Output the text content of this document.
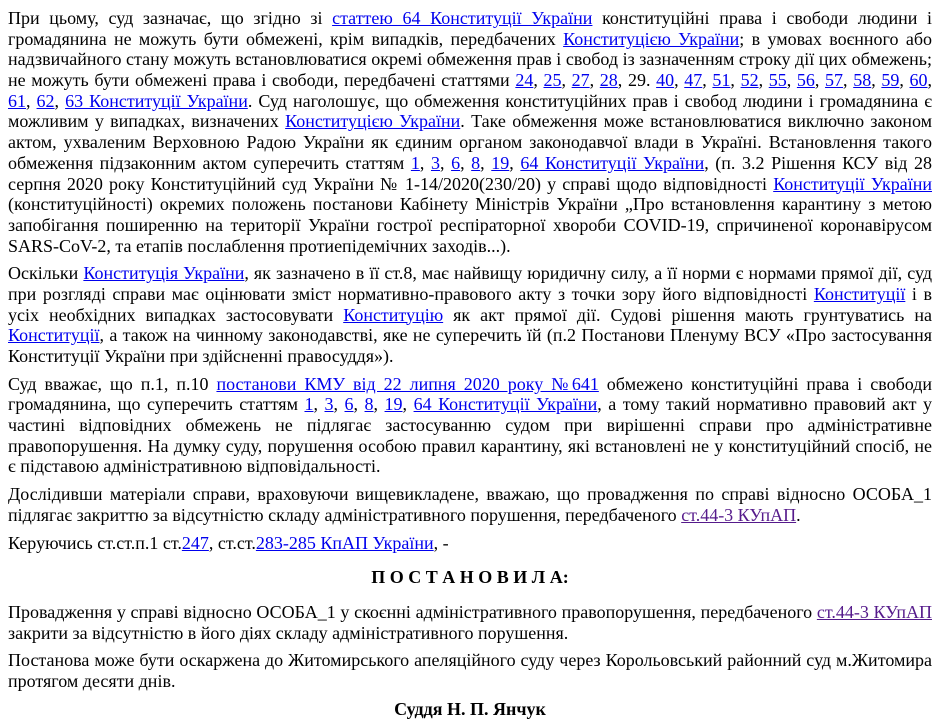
При цьому, суд зазначає, що згідно зі статтею 64 Конституції України конституційні права і свободи людини і громадянина не можуть бути обмежені, крім випадків, передбачених Конституцією України; в умовах воєнного або надзвичайного стану можуть встановлюватися окремі обмеження прав і свобод із зазначенням строку дії цих обмежень; не можуть бути обмежені права і свободи, передбачені статтями 24, 25, 27, 28, 29. 40, 47, 51, 52, 55, 56, 57, 58, 59, 60, 61, 62, 63 Конституції України. Суд наголошує, що обмеження конституційних прав і свобод людини і громадянина є можливим у випадках, визначених Конституцією України. Таке обмеження може встановлюватися виключно законом актом, ухваленим Верховною Радою України як єдиним органом законодавчої влади в Україні. Встановлення такого обмеження підзаконним актом суперечить статтям 1, 3, 6, 8, 19, 64 Конституції України, (п. 3.2 Рішення КСУ від 28 серпня 2020 року Конституційний суд України № 1-14/2020(230/20) у справі щодо відповідності Конституції України (конституційності) окремих положень постанови Кабінету Міністрів України „Про встановлення карантину з метою запобігання поширенню на території України гострої респіраторної хвороби COVID-19, спричиненої коронавірусом SARS-CoV-2, та етапів послаблення протиепідемічних заходів...).

Оскільки Конституція України, як зазначено в її ст.8, має найвищу юридичну силу, а її норми є нормами прямої дії, суд при розгляді справи має оцінювати зміст нормативно-правового акту з точки зору його відповідності Конституції і в усіх необхідних випадках застосовувати Конституцію як акт прямої дії. Судові рішення мають грунтуватись на Конституції, а також на чинному законодавстві, яке не суперечить їй (п.2 Постанови Пленуму ВСУ «Про застосування Конституції України при здійсненні правосуддя»).

Суд вважає, що п.1, п.10 постанови КМУ від 22 липня 2020 року №641 обмежено конституційні права і свободи громадянина, що суперечить статтям 1, 3, 6, 8, 19, 64 Конституції України, а тому такий нормативно правовий акт у частині відповідних обмежень не підлягає застосуванню судом при вирішенні справи про адміністративне правопорушення. На думку суду, порушення особою правил карантину, які встановлені не у конституційний спосіб, не є підставою адміністративною відповідальності.

Дослідивши матеріали справи, враховуючи вищевикладене, вважаю, що провадження по справі відносно ОСОБА_1 підлягає закриттю за відсутністю складу адміністративного порушення, передбаченого ст.44-3 КУпАП.

Керуючись ст.ст.п.1 ст.247, ст.ст.283-285 КпАП України, -

П О С Т А Н О В И Л А:

Провадження у справі відносно ОСОБА_1 у скоєнні адміністративного правопорушення, передбаченого ст.44-3 КУпАП закрити за відсутністю в його діях складу адміністративного порушення.

Постанова може бути оскаржена до Житомирського апеляційного суду через Корольовський районний суд м.Житомира протягом десяти днів.

Суддя Н. П. Янчук
